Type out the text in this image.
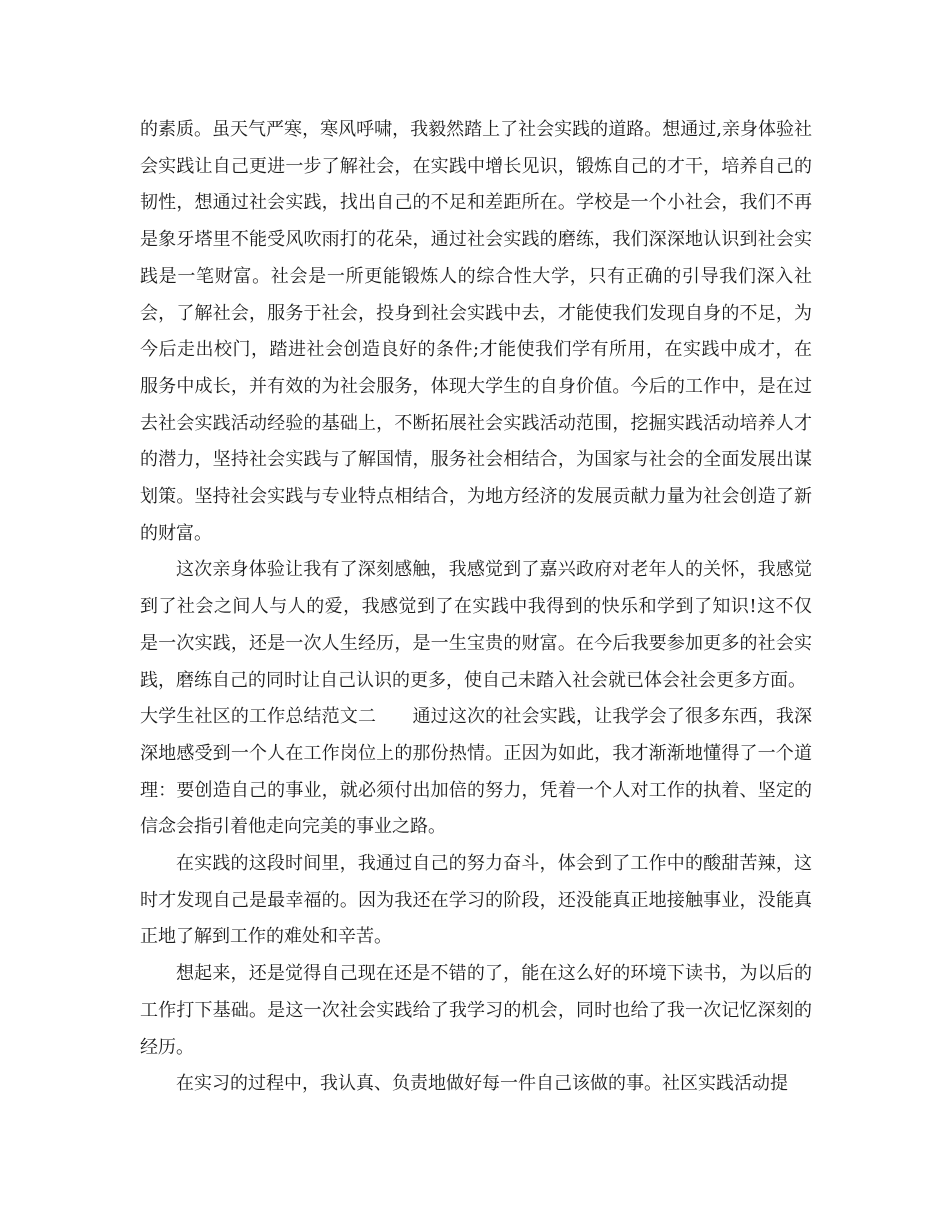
的素质。虽天气严寒，寒风呼啸，我毅然踏上了社会实践的道路。想通过,亲身体验社会实践让自己更进一步了解社会，在实践中增长见识，锻炼自己的才干，培养自己的韧性，想通过社会实践，找出自己的不足和差距所在。学校是一个小社会，我们不再是象牙塔里不能受风吹雨打的花朵，通过社会实践的磨练，我们深深地认识到社会实践是一笔财富。社会是一所更能锻炼人的综合性大学，只有正确的引导我们深入社会，了解社会，服务于社会，投身到社会实践中去，才能使我们发现自身的不足，为今后走出校门，踏进社会创造良好的条件;才能使我们学有所用，在实践中成才，在服务中成长，并有效的为社会服务，体现大学生的自身价值。今后的工作中，是在过去社会实践活动经验的基础上，不断拓展社会实践活动范围，挖掘实践活动培养人才的潜力，坚持社会实践与了解国情，服务社会相结合，为国家与社会的全面发展出谋划策。坚持社会实践与专业特点相结合，为地方经济的发展贡献力量为社会创造了新的财富。

这次亲身体验让我有了深刻感触，我感觉到了嘉兴政府对老年人的关怀，我感觉到了社会之间人与人的爱，我感觉到了在实践中我得到的快乐和学到了知识!这不仅是一次实践，还是一次人生经历，是一生宝贵的财富。在今后我要参加更多的社会实践，磨练自己的同时让自己认识的更多，使自己未踏入社会就已体会社会更多方面。

大学生社区的工作总结范文二　　 通过这次的社会实践，让我学会了很多东西，我深深地感受到一个人在工作岗位上的那份热情。正因为如此，我才渐渐地懂得了一个道理：要创造自己的事业，就必须付出加倍的努力，凭着一个人对工作的执着、坚定的信念会指引着他走向完美的事业之路。

在实践的这段时间里，我通过自己的努力奋斗，体会到了工作中的酸甜苦辣，这时才发现自己是最幸福的。因为我还在学习的阶段，还没能真正地接触事业，没能真正地了解到工作的难处和辛苦。

想起来，还是觉得自己现在还是不错的了，能在这么好的环境下读书，为以后的工作打下基础。是这一次社会实践给了我学习的机会，同时也给了我一次记忆深刻的经历。

在实习的过程中，我认真、负责地做好每一件自己该做的事。社区实践活动提
